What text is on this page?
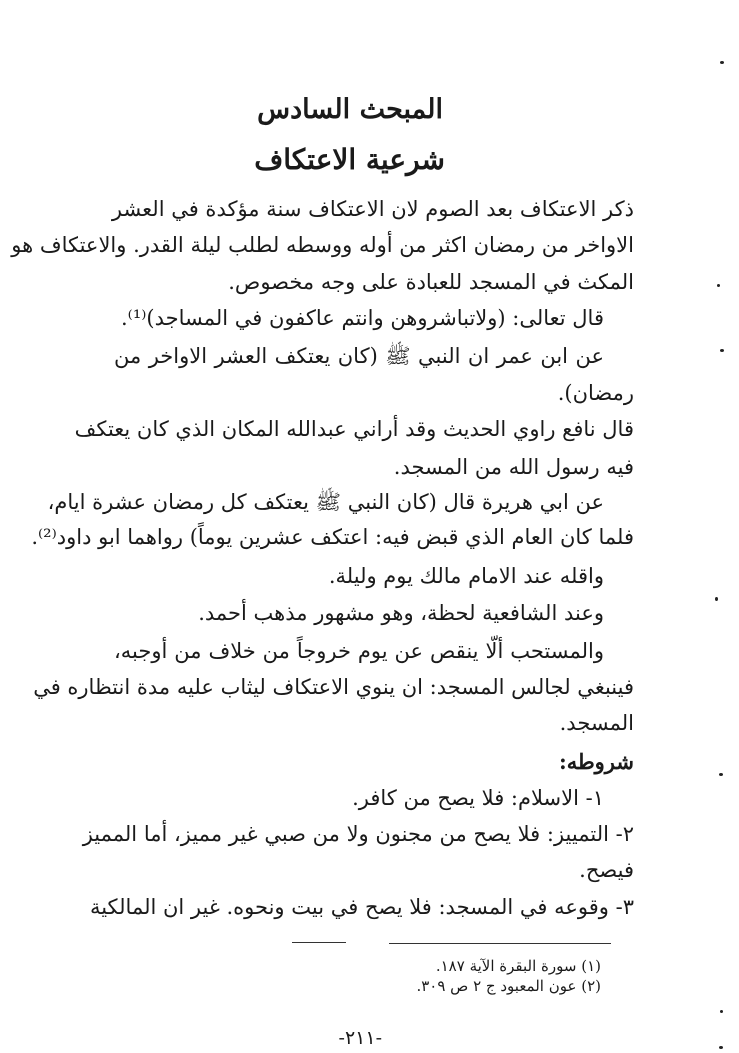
المبحث السادس
شرعية الاعتكاف
ذكر الاعتكاف بعد الصوم لان الاعتكاف سنة مؤكدة في العشر
الاواخر من رمضان اكثر من أوله ووسطه لطلب ليلة القدر. والاعتكاف هو
المكث في المسجد للعبادة على وجه مخصوص.
قال تعالى: (ولاتباشروهن وانتم عاكفون في المساجد)⁽¹⁾.
عن ابن عمر ان النبي ﷺ (كان يعتكف العشر الاواخر من
رمضان).
قال نافع راوي الحديث وقد أراني عبدالله المكان الذي كان يعتكف
فيه رسول الله من المسجد.
عن ابي هريرة قال (كان النبي ﷺ يعتكف كل رمضان عشرة ايام،
فلما كان العام الذي قبض فيه: اعتكف عشرين يوماً) رواهما ابو داود⁽²⁾.
واقله عند الامام مالك يوم وليلة.
وعند الشافعية لحظة، وهو مشهور مذهب أحمد.
والمستحب ألّا ينقص عن يوم خروجاً من خلاف من أوجبه،
فينبغي لجالس المسجد: ان ينوي الاعتكاف ليثاب عليه مدة انتظاره في
المسجد.
شروطه:
١- الاسلام: فلا يصح من كافر.
٢- التمييز: فلا يصح من مجنون ولا من صبي غير مميز، أما المميز
فيصح.
٣- وقوعه في المسجد: فلا يصح في بيت ونحوه. غير ان المالكية
(١) سورة البقرة الآية ١٨٧.
(٢) عون المعبود ج ٢ ص ٣٠٩.
-٢١١-
